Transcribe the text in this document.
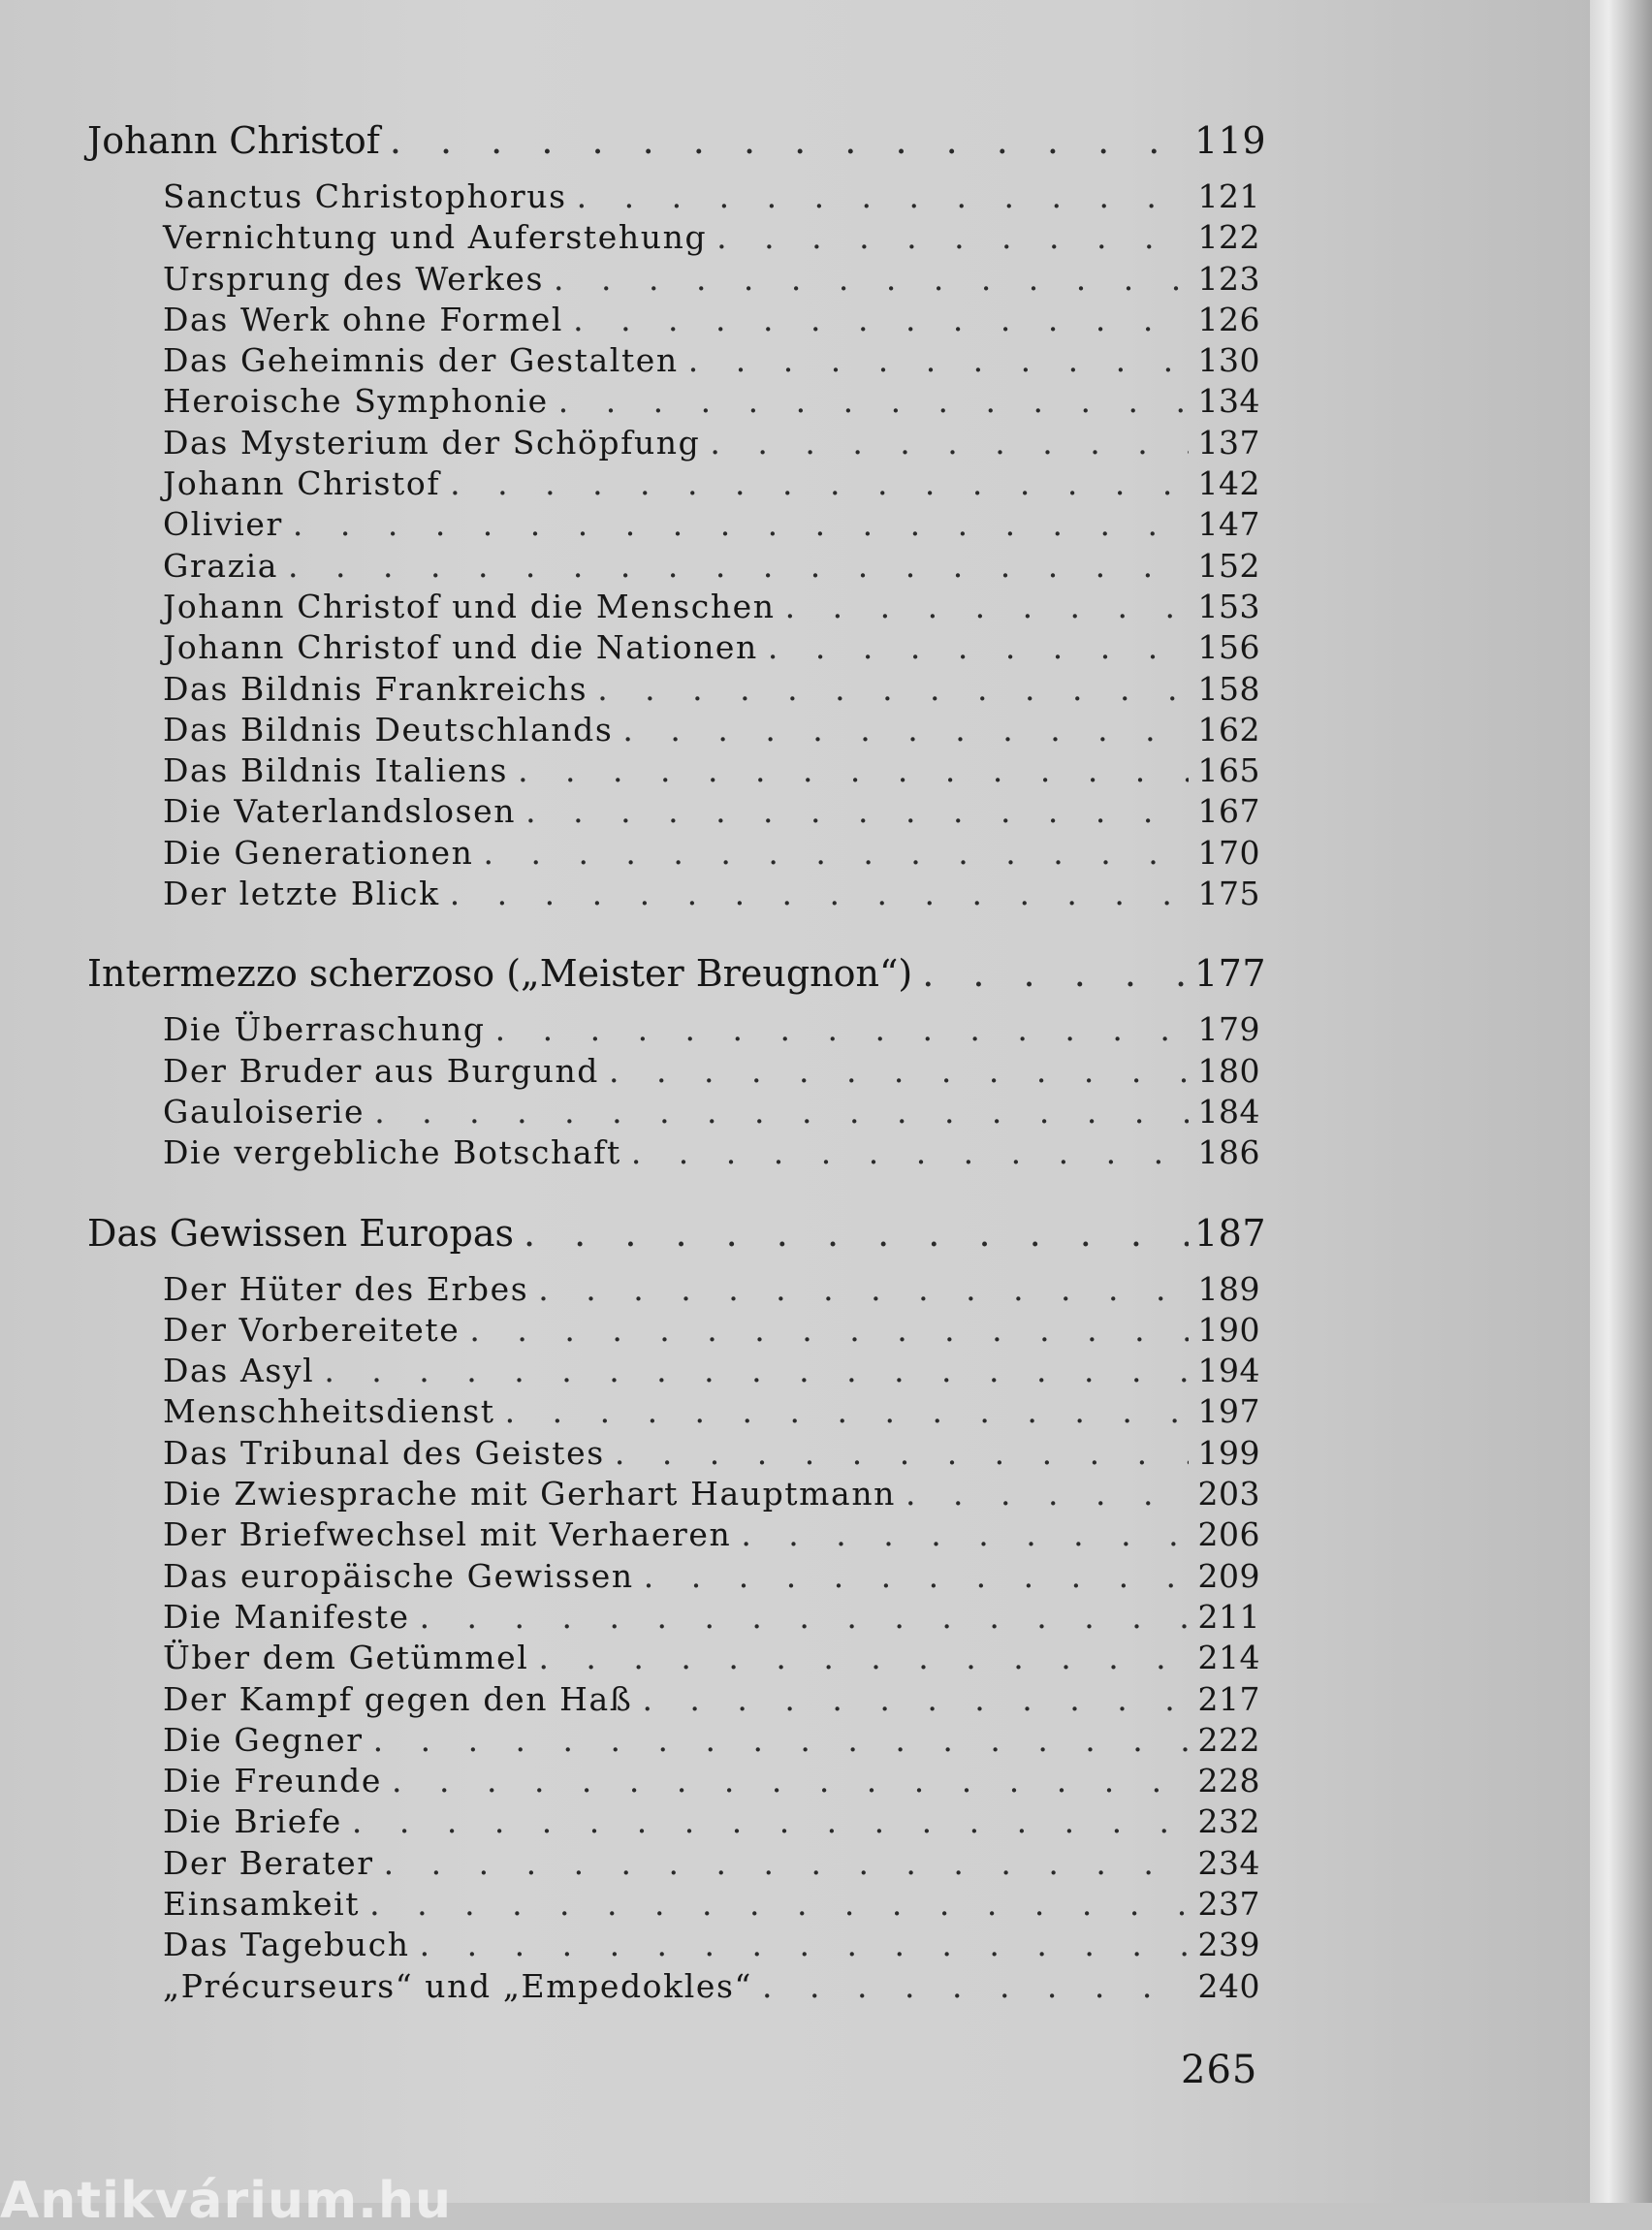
Johann Christof . . .	119
Sanctus Christophorus . . .	121
Vernichtung und Auferstehung . . .	122
Ursprung des Werkes . . .	123
Das Werk ohne Formel . . .	126
Das Geheimnis der Gestalten . . .	130
Heroische Symphonie . . .	134
Das Mysterium der Schöpfung . . .	137
Johann Christof . . .	142
Olivier . . .	147
Grazia . . .	152
Johann Christof und die Menschen . . .	153
Johann Christof und die Nationen . . .	156
Das Bildnis Frankreichs . . .	158
Das Bildnis Deutschlands . . .	162
Das Bildnis Italiens . . .	165
Die Vaterlandslosen . . .	167
Die Generationen . . .	170
Der letzte Blick . . .	175
Intermezzo scherzoso („Meister Breugnon“) . . .	177
Die Überraschung . . .	179
Der Bruder aus Burgund . . .	180
Gauloiserie . . .	184
Die vergebliche Botschaft . . .	186
Das Gewissen Europas . . .	187
Der Hüter des Erbes . . .	189
Der Vorbereitete . . .	190
Das Asyl . . .	194
Menschheitsdienst . . .	197
Das Tribunal des Geistes . . .	199
Die Zwiesprache mit Gerhart Hauptmann . . .	203
Der Briefwechsel mit Verhaeren . . .	206
Das europäische Gewissen . . .	209
Die Manifeste . . .	211
Über dem Getümmel . . .	214
Der Kampf gegen den Haß . . .	217
Die Gegner . . .	222
Die Freunde . . .	228
Die Briefe . . .	232
Der Berater . . .	234
Einsamkeit . . .	237
Das Tagebuch . . .	239
„Précurseurs“ und „Empedokles“ . . .	240
265
Antikvárium.hu
